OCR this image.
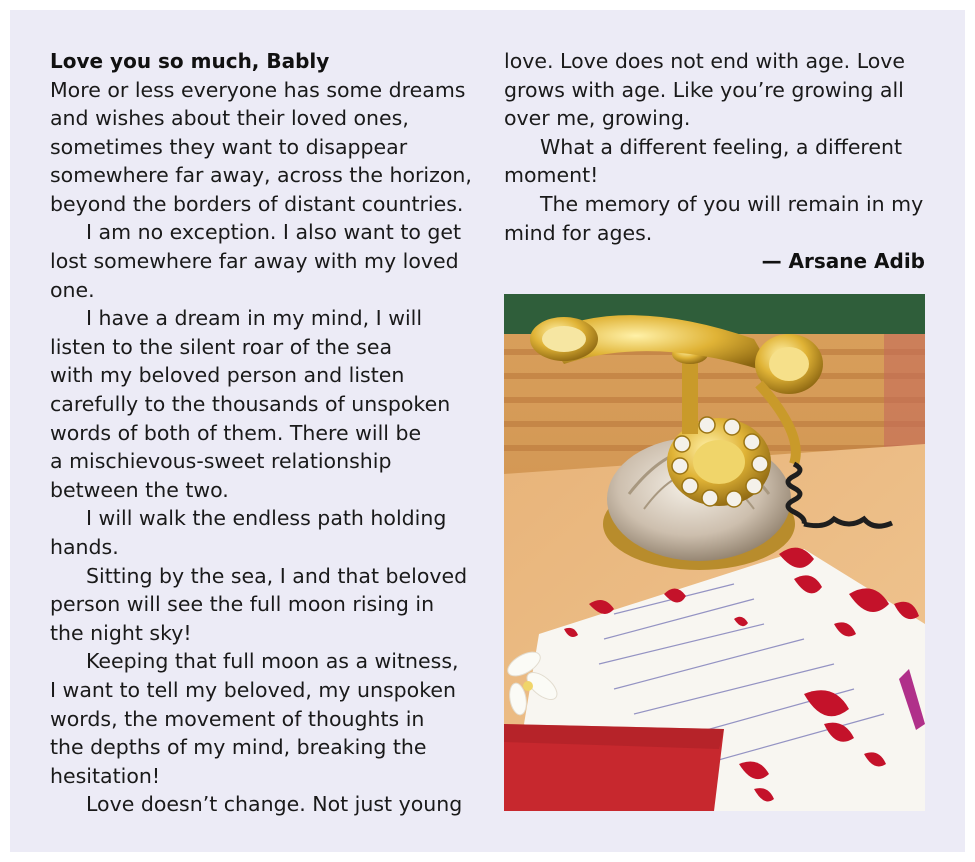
Love you so much, Bably

More or less everyone has some dreams

and wishes about their loved ones,

sometimes they want to disappear

somewhere far away, across the horizon,

beyond the borders of distant countries.

I am no exception. I also want to get

lost somewhere far away with my loved

one.

I have a dream in my mind, I will

listen to the silent roar of the sea

with my beloved person and listen

carefully to the thousands of unspoken

words of both of them. There will be

a mischievous-sweet relationship

between the two.

I will walk the endless path holding

hands.

Sitting by the sea, I and that beloved

person will see the full moon rising in

the night sky!

Keeping that full moon as a witness,

I want to tell my beloved, my unspoken

words, the movement of thoughts in

the depths of my mind, breaking the

hesitation!

Love doesn’t change. Not just young

love. Love does not end with age. Love

grows with age. Like you’re growing all

over me, growing.

What a different feeling, a different

moment!

The memory of you will remain in my

mind for ages.

— Arsane Adib
